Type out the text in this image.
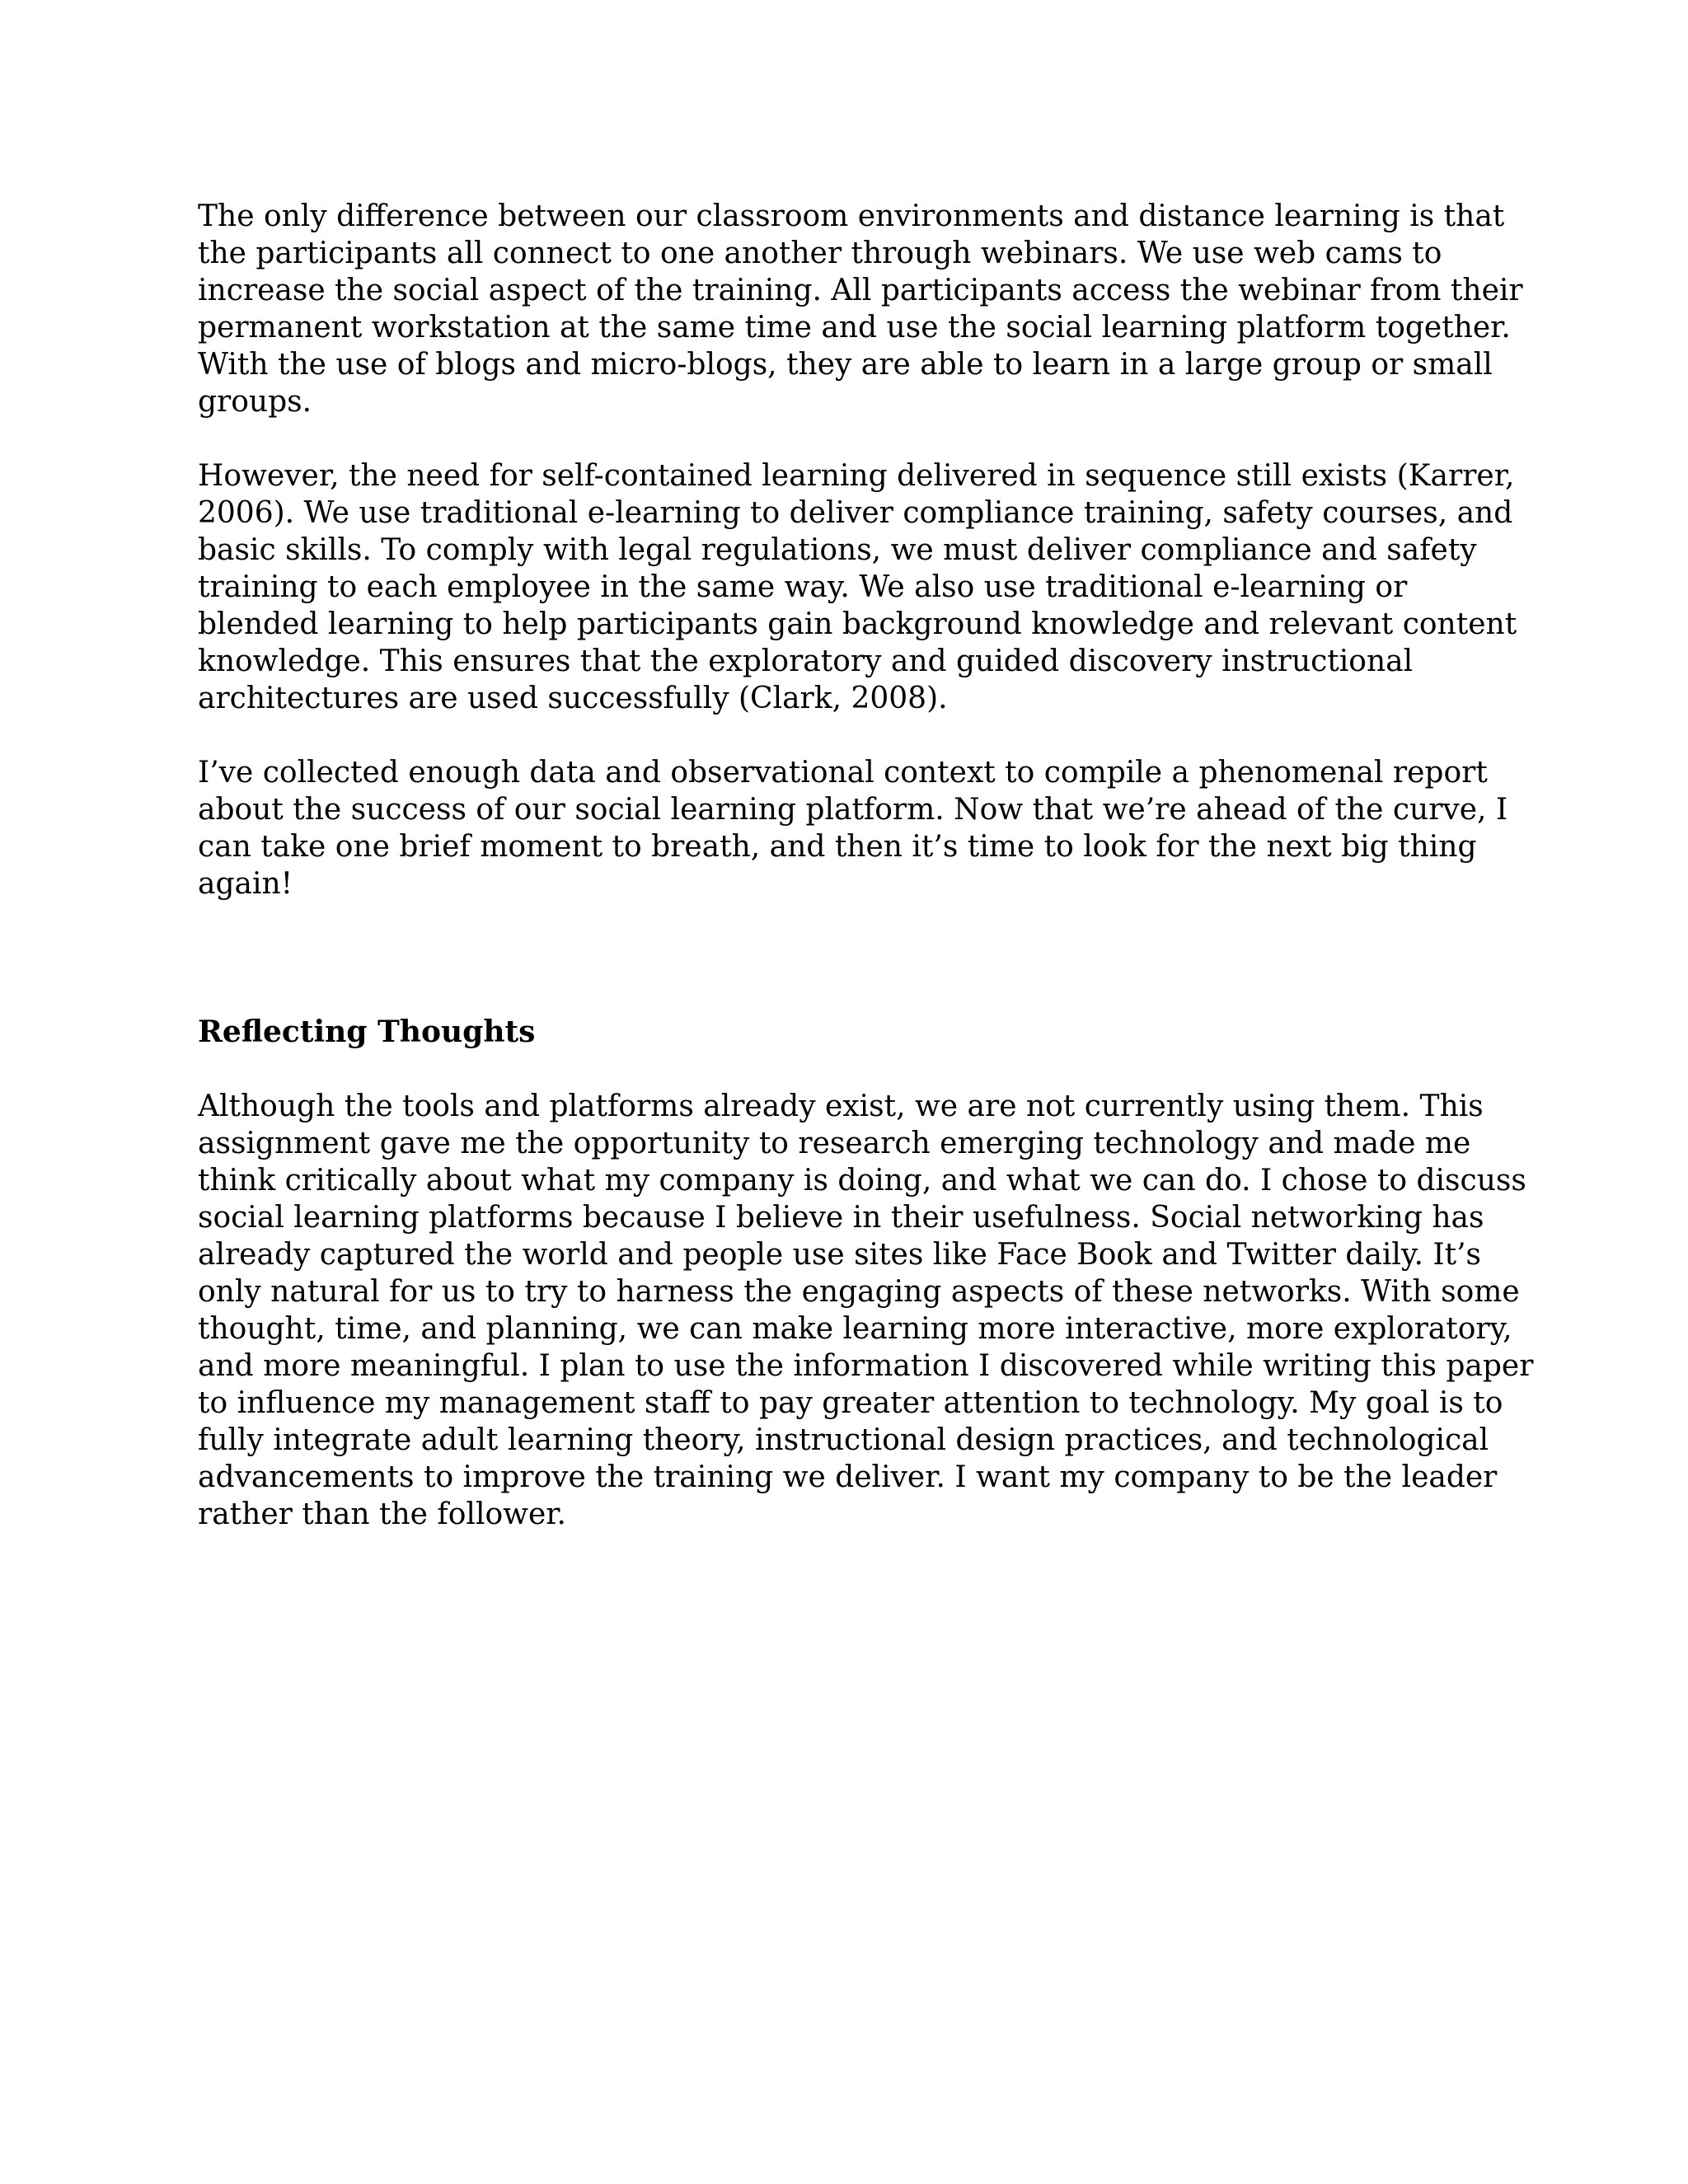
The only difference between our classroom environments and distance learning is that
the participants all connect to one another through webinars. We use web cams to
increase the social aspect of the training. All participants access the webinar from their
permanent workstation at the same time and use the social learning platform together.
With the use of blogs and micro-blogs, they are able to learn in a large group or small
groups.

However, the need for self-contained learning delivered in sequence still exists (Karrer,
2006). We use traditional e-learning to deliver compliance training, safety courses, and
basic skills. To comply with legal regulations, we must deliver compliance and safety
training to each employee in the same way. We also use traditional e-learning or
blended learning to help participants gain background knowledge and relevant content
knowledge. This ensures that the exploratory and guided discovery instructional
architectures are used successfully (Clark, 2008).

I’ve collected enough data and observational context to compile a phenomenal report
about the success of our social learning platform. Now that we’re ahead of the curve, I
can take one brief moment to breath, and then it’s time to look for the next big thing
again!

Reflecting Thoughts

Although the tools and platforms already exist, we are not currently using them. This
assignment gave me the opportunity to research emerging technology and made me
think critically about what my company is doing, and what we can do. I chose to discuss
social learning platforms because I believe in their usefulness. Social networking has
already captured the world and people use sites like Face Book and Twitter daily. It’s
only natural for us to try to harness the engaging aspects of these networks. With some
thought, time, and planning, we can make learning more interactive, more exploratory,
and more meaningful. I plan to use the information I discovered while writing this paper
to influence my management staff to pay greater attention to technology. My goal is to
fully integrate adult learning theory, instructional design practices, and technological
advancements to improve the training we deliver. I want my company to be the leader
rather than the follower.
